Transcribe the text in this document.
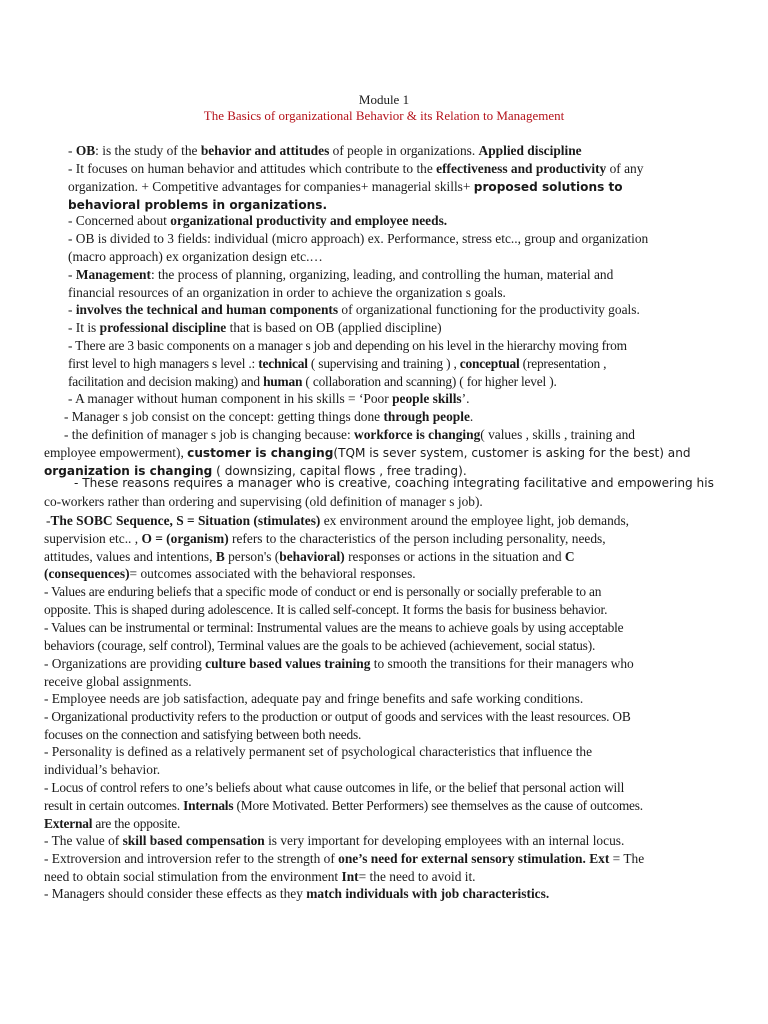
Module 1
The Basics of organizational Behavior & its Relation to Management
- OB: is the study of the behavior and attitudes of people in organizations. Applied discipline
- It focuses on human behavior and attitudes which contribute to the effectiveness and productivity of any
organization. + Competitive advantages for companies+ managerial skills+ proposed solutions to
behavioral problems in organizations.
- Concerned about organizational productivity and employee needs.
- OB is divided to 3 fields: individual (micro approach) ex. Performance, stress etc.., group and organization
(macro approach) ex organization design etc.…
- Management: the process of planning, organizing, leading, and controlling the human, material and
financial resources of an organization in order to achieve the organization s goals.
- involves the technical and human components of organizational functioning for the productivity goals.
- It is professional discipline that is based on OB (applied discipline)
- There are 3 basic components on a manager s job and depending on his level in the hierarchy moving from
first level to high managers s level .: technical ( supervising and training ) , conceptual (representation ,
facilitation and decision making) and human ( collaboration and scanning) ( for higher level ).
- A manager without human component in his skills = ‘Poor people skills’.
- Manager s job consist on the concept: getting things done through people.
- the definition of manager s job is changing because: workforce is changing( values , skills , training and
employee empowerment), customer is changing(TQM is sever system, customer is asking for the best) and
organization is changing ( downsizing, capital flows , free trading).
- These reasons requires a manager who is creative, coaching integrating facilitative and empowering his
co-workers rather than ordering and supervising (old definition of manager s job).
-The SOBC Sequence, S = Situation (stimulates) ex environment around the employee light, job demands,
supervision etc.. , O = (organism) refers to the characteristics of the person including personality, needs,
attitudes, values and intentions, B person's (behavioral) responses or actions in the situation and C
(consequences)= outcomes associated with the behavioral responses.
- Values are enduring beliefs that a specific mode of conduct or end is personally or socially preferable to an
opposite. This is shaped during adolescence. It is called self-concept. It forms the basis for business behavior.
- Values can be instrumental or terminal: Instrumental values are the means to achieve goals by using acceptable
behaviors (courage, self control), Terminal values are the goals to be achieved (achievement, social status).
- Organizations are providing culture based values training to smooth the transitions for their managers who
receive global assignments.
- Employee needs are job satisfaction, adequate pay and fringe benefits and safe working conditions.
- Organizational productivity refers to the production or output of goods and services with the least resources. OB
focuses on the connection and satisfying between both needs.
- Personality is defined as a relatively permanent set of psychological characteristics that influence the
individual’s behavior.
- Locus of control refers to one’s beliefs about what cause outcomes in life, or the belief that personal action will
result in certain outcomes. Internals (More Motivated. Better Performers) see themselves as the cause of outcomes.
External are the opposite.
- The value of skill based compensation is very important for developing employees with an internal locus.
- Extroversion and introversion refer to the strength of one’s need for external sensory stimulation. Ext = The
need to obtain social stimulation from the environment Int= the need to avoid it.
- Managers should consider these effects as they match individuals with job characteristics.
